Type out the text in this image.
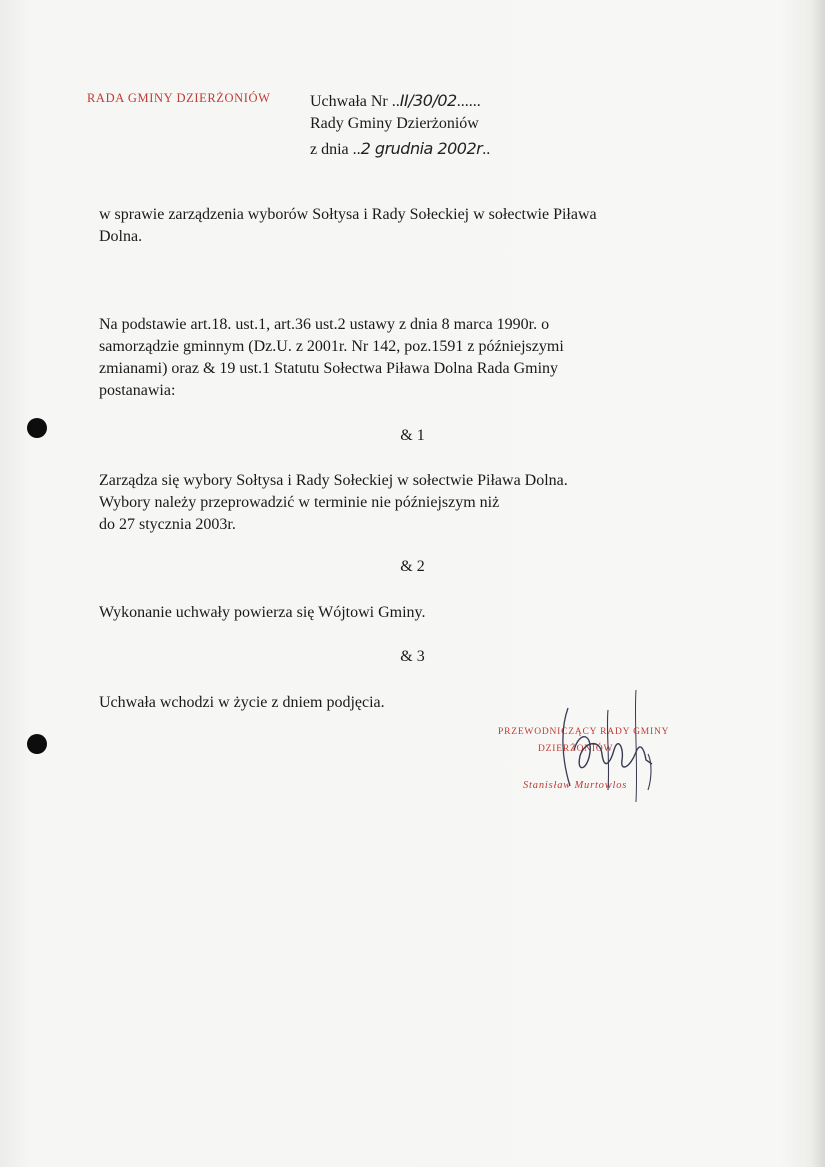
RADA GMINY DZIERŻONIÓW Uchwała Nr ..II/30/02......
Rady Gminy Dzierżoniów
z dnia ..2 grudnia 2002r..
w sprawie zarządzenia wyborów Sołtysa i Rady Sołeckiej w sołectwie Piława
Dolna.
Na podstawie art.18. ust.1, art.36 ust.2 ustawy z dnia 8 marca 1990r. o
samorządzie gminnym (Dz.U. z 2001r. Nr 142, poz.1591 z późniejszymi
zmianami) oraz & 19 ust.1 Statutu Sołectwa Piława Dolna Rada Gminy
postanawia:
& 1
Zarządza się wybory Sołtysa i Rady Sołeckiej w sołectwie Piława Dolna.
Wybory należy przeprowadzić w terminie nie późniejszym niż
do 27 stycznia 2003r.
& 2
Wykonanie uchwały powierza się Wójtowi Gminy.
& 3
Uchwała wchodzi w życie z dniem podjęcia.
PRZEWODNICZĄCY RADY GMINY
DZIERŻONIÓW
Stanisław Murtowlos
